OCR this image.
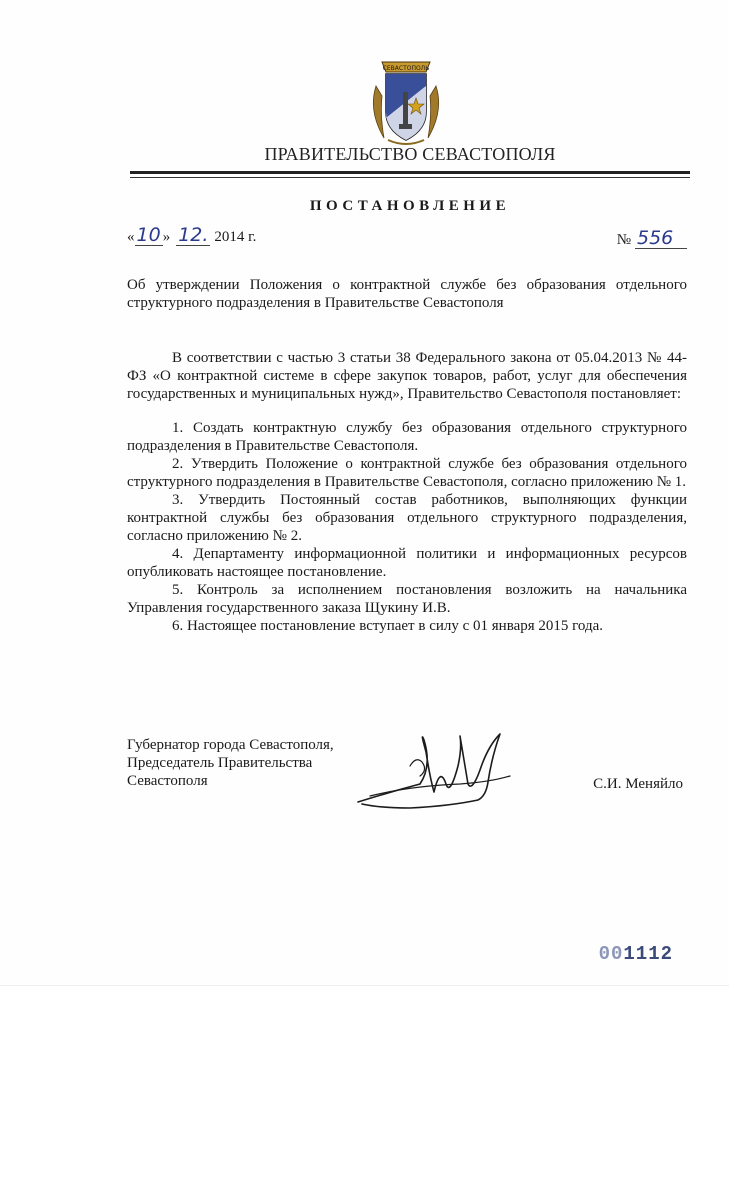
СЕВАСТОПОЛЬ
ПРАВИТЕЛЬСТВО СЕВАСТОПОЛЯ
ПОСТАНОВЛЕНИЕ
« 10 » 12. 2014 г.	№ 556
Об утверждении Положения о контрактной службе без образования отдельного структурного подразделения в Правительстве Севастополя

В соответствии с частью 3 статьи 38 Федерального закона от 05.04.2013 № 44-ФЗ «О контрактной системе в сфере закупок товаров, работ, услуг для обеспечения государственных и муниципальных нужд», Правительство Севастополя постановляет:

1. Создать контрактную службу без образования отдельного структурного подразделения в Правительстве Севастополя.

2. Утвердить Положение о контрактной службе без образования отдельного структурного подразделения в Правительстве Севастополя, согласно приложению № 1.

3. Утвердить Постоянный состав работников, выполняющих функции контрактной службы без образования отдельного структурного подразделения, согласно приложению № 2.

4. Департаменту информационной политики и информационных ресурсов опубликовать настоящее постановление.

5. Контроль за исполнением постановления возложить на начальника Управления государственного заказа Щукину И.В.

6. Настоящее постановление вступает в силу с 01 января 2015 года.

Губернатор города Севастополя,
Председатель Правительства
Севастополя	С.И. Меняйло
001112
